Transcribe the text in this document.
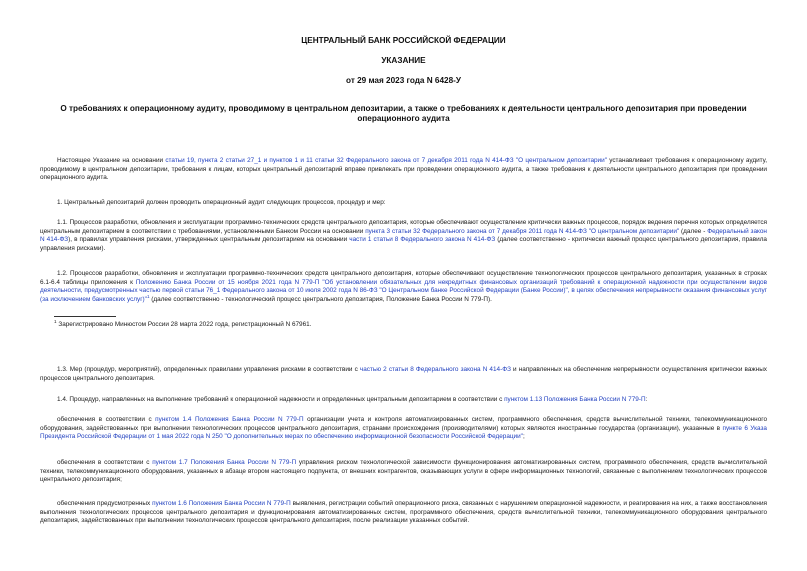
ЦЕНТРАЛЬНЫЙ БАНК РОССИЙСКОЙ ФЕДЕРАЦИИ
УКАЗАНИЕ
от 29 мая 2023 года N 6428-У
О требованиях к операционному аудиту, проводимому в центральном депозитарии, а также о требованиях к деятельности центрального депозитария при проведении операционного аудита
Настоящее Указание на основании статьи 19, пункта 2 статьи 27_1 и пунктов 1 и 11 статьи 32 Федерального закона от 7 декабря 2011 года N 414-ФЗ "О центральном депозитарии" устанавливает требования к операционному аудиту, проводимому в центральном депозитарии, требования к лицам, которых центральный депозитарий вправе привлекать при проведении операционного аудита, а также требования к деятельности центрального депозитария при проведении операционного аудита.
1. Центральный депозитарий должен проводить операционный аудит следующих процессов, процедур и мер:
1.1. Процессов разработки, обновления и эксплуатации программно-технических средств центрального депозитария, которые обеспечивают осуществление критически важных процессов, порядок ведения перечня которых определяется центральным депозитарием в соответствии с требованиями, установленными Банком России на основании пункта 3 статьи 32 Федерального закона от 7 декабря 2011 года N 414-ФЗ "О центральном депозитарии" (далее - Федеральный закон N 414-ФЗ), в правилах управления рисками, утвержденных центральным депозитарием на основании части 1 статьи 8 Федерального закона N 414-ФЗ (далее соответственно - критически важный процесс центрального депозитария, правила управления рисками).
1.2. Процессов разработки, обновления и эксплуатации программно-технических средств центрального депозитария, которые обеспечивают осуществление технологических процессов центрального депозитария, указанных в строках 6.1-6.4 таблицы приложения к Положению Банка России от 15 ноября 2021 года N 779-П "Об установлении обязательных для некредитных финансовых организаций требований к операционной надежности при осуществлении видов деятельности, предусмотренных частью первой статьи 76_1 Федерального закона от 10 июля 2002 года N 86-ФЗ "О Центральном банке Российской Федерации (Банке России)", в целях обеспечения непрерывности оказания финансовых услуг (за исключением банковских услуг)"$^1$ (далее соответственно - технологический процесс центрального депозитария, Положение Банка России N 779-П).
$^1$ Зарегистрировано Минюстом России 28 марта 2022 года, регистрационный N 67961.
1.3. Мер (процедур, мероприятий), определенных правилами управления рисками в соответствии с частью 2 статьи 8 Федерального закона N 414-ФЗ и направленных на обеспечение непрерывности осуществления критически важных процессов центрального депозитария.
1.4. Процедур, направленных на выполнение требований к операционной надежности и определенных центральным депозитарием в соответствии с пунктом 1.13 Положения Банка России N 779-П:
обеспечения в соответствии с пунктом 1.4 Положения Банка России N 779-П организации учета и контроля автоматизированных систем, программного обеспечения, средств вычислительной техники, телекоммуникационного оборудования, задействованных при выполнении технологических процессов центрального депозитария, странами происхождения (производителями) которых являются иностранные государства (организации), указанные в пункте 6 Указа Президента Российской Федерации от 1 мая 2022 года N 250 "О дополнительных мерах по обеспечению информационной безопасности Российской Федерации";
обеспечения в соответствии с пунктом 1.7 Положения Банка России N 779-П управления риском технологической зависимости функционирования автоматизированных систем, программного обеспечения, средств вычислительной техники, телекоммуникационного оборудования, указанных в абзаце втором настоящего подпункта, от внешних контрагентов, оказывающих услуги в сфере информационных технологий, связанные с выполнением технологических процессов центрального депозитария;
обеспечения предусмотренных пунктом 1.6 Положения Банка России N 779-П выявления, регистрации событий операционного риска, связанных с нарушением операционной надежности, и реагирования на них, а также восстановления выполнения технологических процессов центрального депозитария и функционирования автоматизированных систем, программного обеспечения, средств вычислительной техники, телекоммуникационного оборудования центрального депозитария, задействованных при выполнении технологических процессов центрального депозитария, после реализации указанных событий.
